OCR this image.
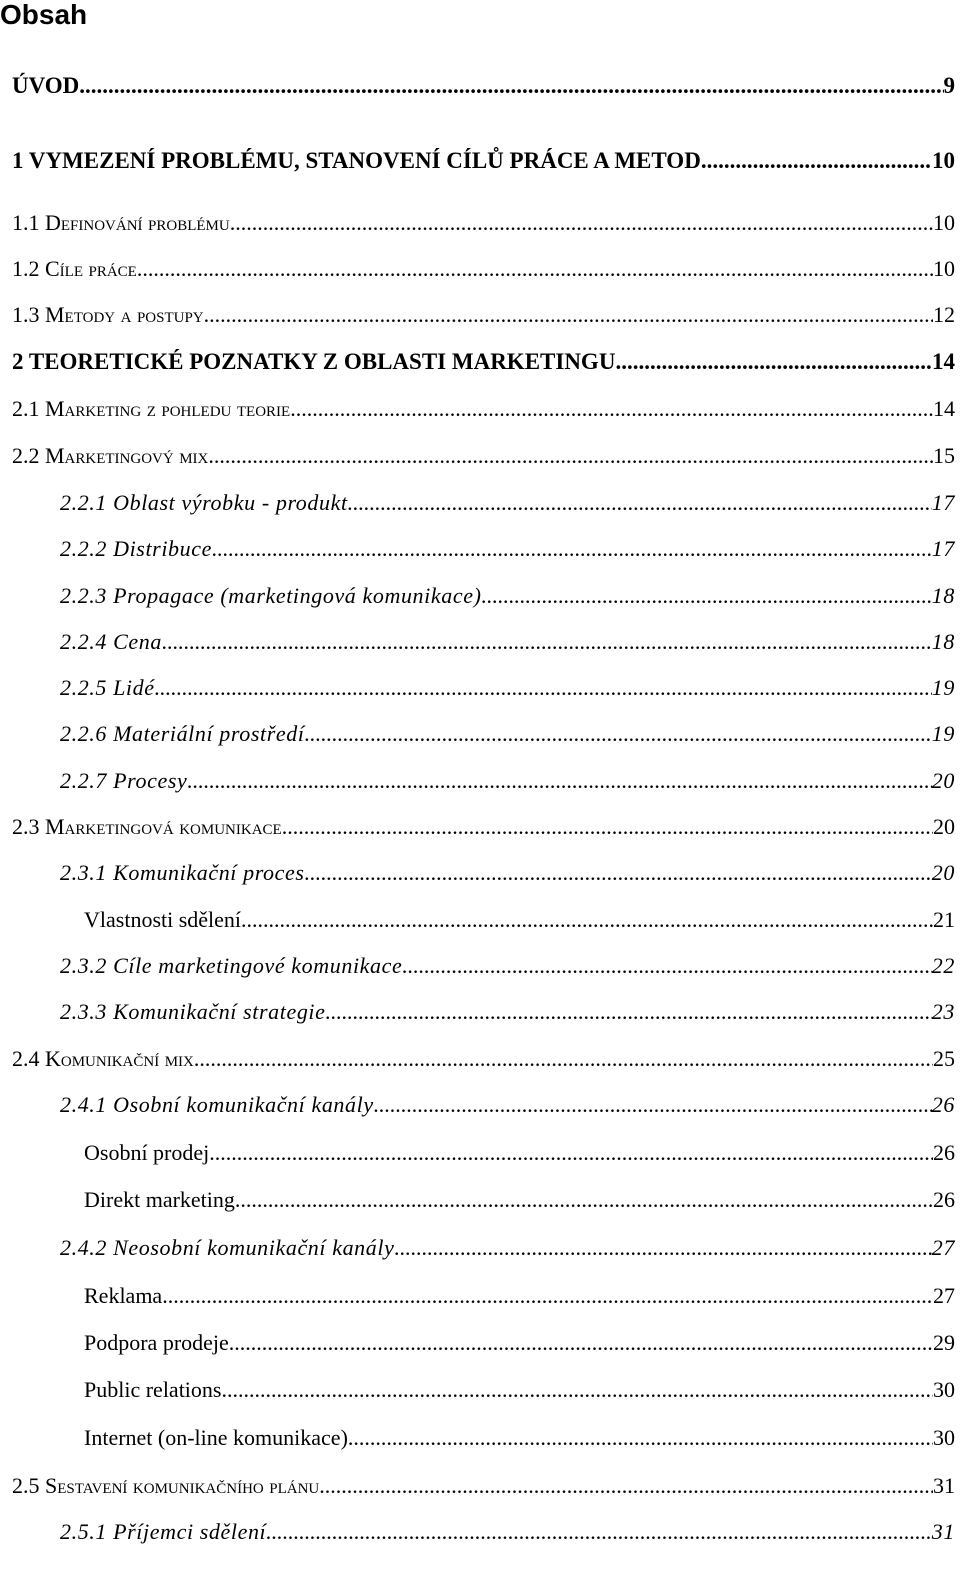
Obsah
ÚVOD .....	9
1 VYMEZENÍ PROBLÉMU, STANOVENÍ CÍLŮ PRÁCE A METOD .....	10
1.1 Definování problému .....	10
1.2 Cíle práce .....	10
1.3 Metody a postupy .....	12
2 TEORETICKÉ POZNATKY Z OBLASTI MARKETINGU .....	14
2.1 Marketing z pohledu teorie .....	14
2.2 Marketingový mix .....	15
2.2.1 Oblast výrobku - produkt .....	17
2.2.2 Distribuce .....	17
2.2.3 Propagace (marketingová komunikace) .....	18
2.2.4 Cena .....	18
2.2.5 Lidé .....	19
2.2.6 Materiální prostředí .....	19
2.2.7 Procesy .....	20
2.3 Marketingová komunikace .....	20
2.3.1 Komunikační proces .....	20
Vlastnosti sdělení .....	21
2.3.2 Cíle marketingové komunikace .....	22
2.3.3 Komunikační strategie .....	23
2.4 Komunikační mix .....	25
2.4.1 Osobní komunikační kanály .....	26
Osobní prodej .....	26
Direkt marketing .....	26
2.4.2 Neosobní komunikační kanály .....	27
Reklama .....	27
Podpora prodeje .....	29
Public relations .....	30
Internet (on-line komunikace) .....	30
2.5 Sestavení komunikačního plánu .....	31
2.5.1 Příjemci sdělení .....	31
